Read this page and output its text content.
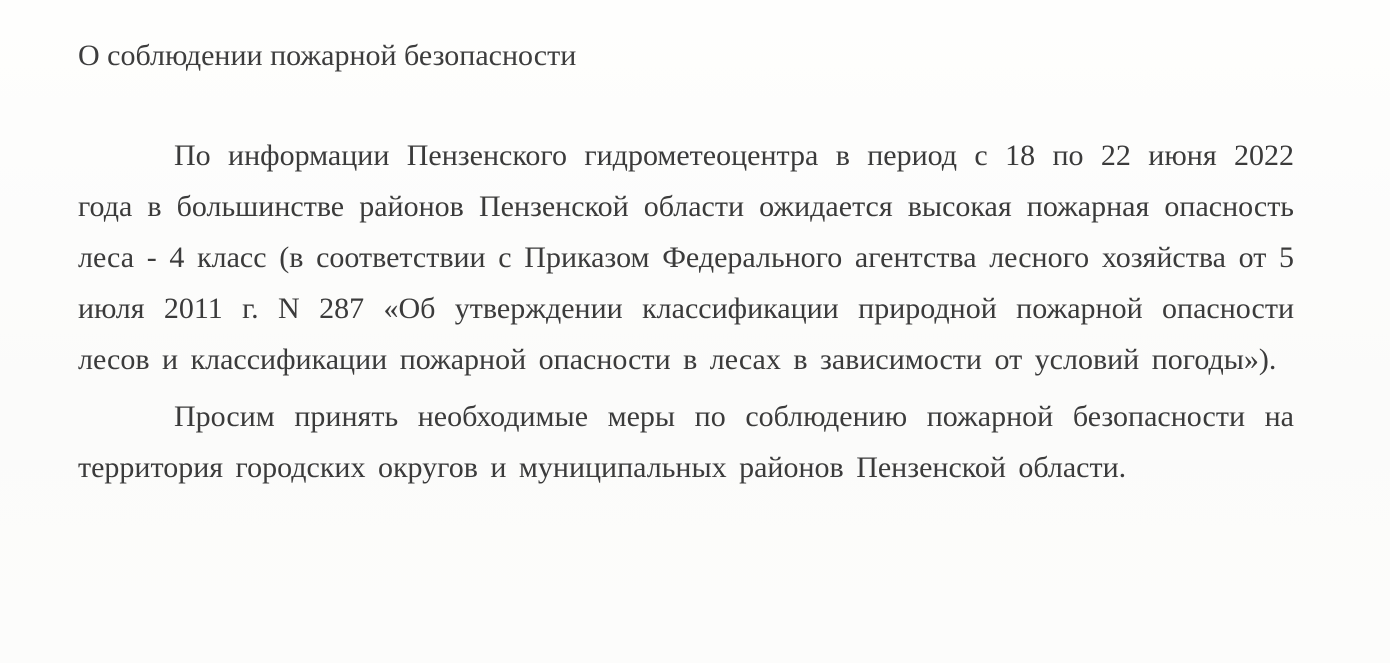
О соблюдении пожарной безопасности

По информации Пензенского гидрометеоцентра в период с 18 по 22 июня 2022 года в большинстве районов Пензенской области ожидается высокая пожарная опасность леса - 4 класс (в соответствии с Приказом Федерального агентства лесного хозяйства от 5 июля 2011 г. N 287 «Об утверждении классификации природной пожарной опасности лесов и классификации пожарной опасности в лесах в зависимости от условий погоды»).

Просим принять необходимые меры по соблюдению пожарной безопасности на территория городских округов и муниципальных районов Пензенской области.
